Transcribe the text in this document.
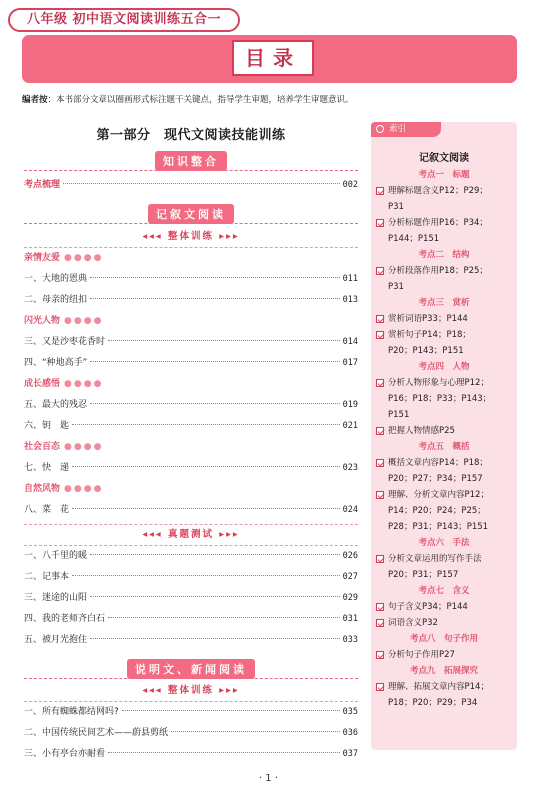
八年级 初中语文阅读训练五合一
目录
编者按：本书部分文章以圈画形式标注题干关键点，指导学生审题，培养学生审题意识。
第一部分　现代文阅读技能训练
知识整合
考点梳理	002
记叙文阅读
◂◂◂ 整体训练 ▸▸▸
亲情友爱 ●●●●
一、大地的恩典	011
二、母亲的纽扣	013
闪光人物 ●●●●
三、又是沙枣花香时	014
四、“种地高手”	017
成长感悟 ●●●●
五、最大的残忍	019
六、钥　匙	021
社会百态 ●●●●
七、快　递	023
自然风物 ●●●●
八、菜　花	024
◂◂◂ 真题测试 ▸▸▸
一、八千里的暖	026
二、记事本	027
三、迷途的山阳	029
四、我的老师齐白石	031
五、被月光抱住	033
说明文、新闻阅读
◂◂◂ 整体训练 ▸▸▸
一、所有蜘蛛都结网吗?	035
二、中国传统民间艺术——蔚县剪纸	036
三、小有亭台亦耐看	037
索引
记叙文阅读
考点一　标题
理解标题含义P12；P29；
P31
分析标题作用P16；P34；
P144；P151
考点二　结构
分析段落作用P18；P25；
P31
考点三　赏析
赏析词语P33；P144
赏析句子P14；P18；
P20；P143；P151
考点四　人物
分析人物形象与心理P12；
P16；P18；P33；P143；
P151
把握人物情感P25
考点五　概括
概括文章内容P14；P18；
P20；P27；P34；P157
理解、分析文章内容P12；
P14；P20；P24；P25；
P28；P31；P143；P151
考点六　手法
分析文章运用的写作手法
P20；P31；P157
考点七　含义
句子含义P34；P144
词语含义P32
考点八　句子作用
分析句子作用P27
考点九　拓展探究
理解、拓展文章内容P14；
P18；P20；P29；P34
· 1 ·
